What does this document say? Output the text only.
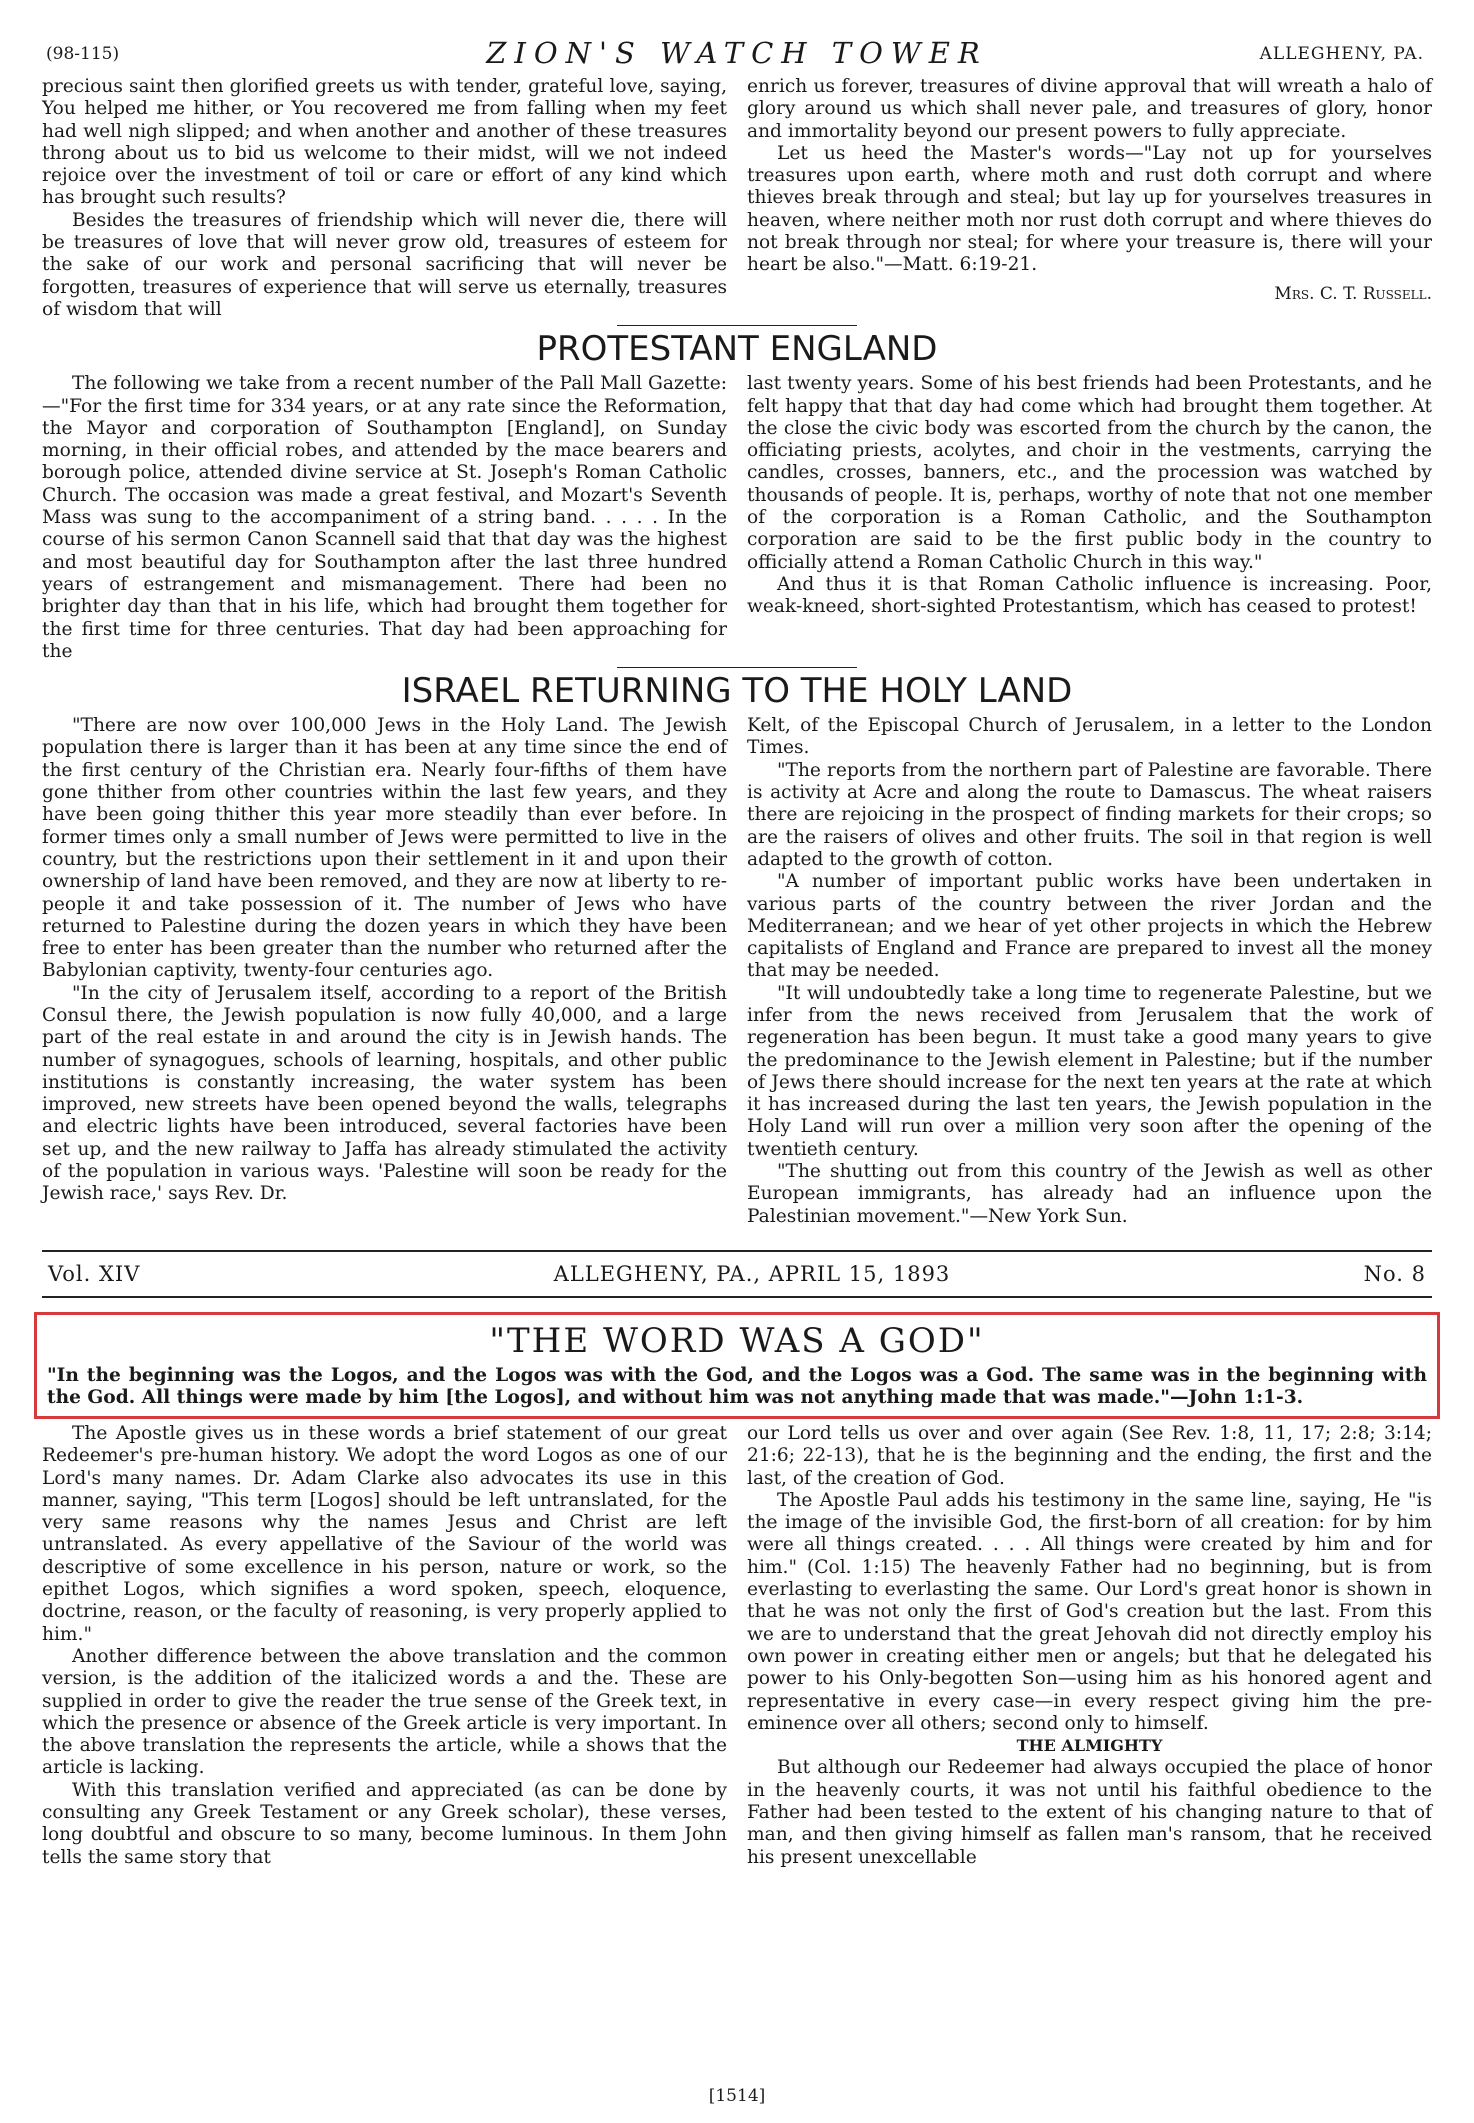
(98-115)	ZION'S WATCH TOWER	ALLEGHENY, PA.

precious saint then glorified greets us with tender, grateful love, saying, You helped me hither, or You recovered me from falling when my feet had well nigh slipped; and when another and another of these treasures throng about us to bid us welcome to their midst, will we not indeed rejoice over the investment of toil or care or effort of any kind which has brought such results?

Besides the treasures of friendship which will never die, there will be treasures of love that will never grow old, treasures of esteem for the sake of our work and personal sacrificing that will never be forgotten, treasures of experience that will serve us eternally, treasures of wisdom that will

enrich us forever, treasures of divine approval that will wreath a halo of glory around us which shall never pale, and treasures of glory, honor and immortality beyond our present powers to fully appreciate.

Let us heed the Master's words—"Lay not up for yourselves treasures upon earth, where moth and rust doth corrupt and where thieves break through and steal; but lay up for yourselves treasures in heaven, where neither moth nor rust doth corrupt and where thieves do not break through nor steal; for where your treasure is, there will your heart be also."—Matt. 6:19-21.

Mrs. C. T. Russell.

PROTESTANT ENGLAND

The following we take from a recent number of the Pall Mall Gazette:—"For the first time for 334 years, or at any rate since the Reformation, the Mayor and corporation of Southampton [England], on Sunday morning, in their official robes, and attended by the mace bearers and borough police, attended divine service at St. Joseph's Roman Catholic Church. The occasion was made a great festival, and Mozart's Seventh Mass was sung to the accompaniment of a string band. . . . . In the course of his sermon Canon Scannell said that that day was the highest and most beautiful day for Southampton after the last three hundred years of estrangement and mismanagement. There had been no brighter day than that in his life, which had brought them together for the first time for three centuries. That day had been approaching for the

last twenty years. Some of his best friends had been Protestants, and he felt happy that that day had come which had brought them together. At the close the civic body was escorted from the church by the canon, the officiating priests, acolytes, and choir in the vestments, carrying the candles, crosses, banners, etc., and the procession was watched by thousands of people. It is, perhaps, worthy of note that not one member of the corporation is a Roman Catholic, and the Southampton corporation are said to be the first public body in the country to officially attend a Roman Catholic Church in this way."

And thus it is that Roman Catholic influence is increasing. Poor, weak-kneed, short-sighted Protestantism, which has ceased to protest!

ISRAEL RETURNING TO THE HOLY LAND

"There are now over 100,000 Jews in the Holy Land. The Jewish population there is larger than it has been at any time since the end of the first century of the Christian era. Nearly four-fifths of them have gone thither from other countries within the last few years, and they have been going thither this year more steadily than ever before. In former times only a small number of Jews were permitted to live in the country, but the restrictions upon their settlement in it and upon their ownership of land have been removed, and they are now at liberty to re-people it and take possession of it. The number of Jews who have returned to Palestine during the dozen years in which they have been free to enter has been greater than the number who returned after the Babylonian captivity, twenty-four centuries ago.

"In the city of Jerusalem itself, according to a report of the British Consul there, the Jewish population is now fully 40,000, and a large part of the real estate in and around the city is in Jewish hands. The number of synagogues, schools of learning, hospitals, and other public institutions is constantly increasing, the water system has been improved, new streets have been opened beyond the walls, telegraphs and electric lights have been introduced, several factories have been set up, and the new railway to Jaffa has already stimulated the activity of the population in various ways. 'Palestine will soon be ready for the Jewish race,' says Rev. Dr.

Kelt, of the Episcopal Church of Jerusalem, in a letter to the London Times.

"The reports from the northern part of Palestine are favorable. There is activity at Acre and along the route to Damascus. The wheat raisers there are rejoicing in the prospect of finding markets for their crops; so are the raisers of olives and other fruits. The soil in that region is well adapted to the growth of cotton.

"A number of important public works have been undertaken in various parts of the country between the river Jordan and the Mediterranean; and we hear of yet other projects in which the Hebrew capitalists of England and France are prepared to invest all the money that may be needed.

"It will undoubtedly take a long time to regenerate Palestine, but we infer from the news received from Jerusalem that the work of regeneration has been begun. It must take a good many years to give the predominance to the Jewish element in Palestine; but if the number of Jews there should increase for the next ten years at the rate at which it has increased during the last ten years, the Jewish population in the Holy Land will run over a million very soon after the opening of the twentieth century.

"The shutting out from this country of the Jewish as well as other European immigrants, has already had an influence upon the Palestinian movement."—New York Sun.

Vol. XIV	ALLEGHENY, PA., APRIL 15, 1893	No. 8
"THE WORD WAS A GOD"
"In the beginning was the Logos, and the Logos was with the God, and the Logos was a God. The same was in the beginning with the God. All things were made by him [the Logos], and without him was not anything made that was made."—John 1:1-3.

The Apostle gives us in these words a brief statement of our great Redeemer's pre-human history. We adopt the word Logos as one of our Lord's many names. Dr. Adam Clarke also advocates its use in this manner, saying, "This term [Logos] should be left untranslated, for the very same reasons why the names Jesus and Christ are left untranslated. As every appellative of the Saviour of the world was descriptive of some excellence in his person, nature or work, so the epithet Logos, which signifies a word spoken, speech, eloquence, doctrine, reason, or the faculty of reasoning, is very properly applied to him."

Another difference between the above translation and the common version, is the addition of the italicized words a and the. These are supplied in order to give the reader the true sense of the Greek text, in which the presence or absence of the Greek article is very important. In the above translation the represents the article, while a shows that the article is lacking.

With this translation verified and appreciated (as can be done by consulting any Greek Testament or any Greek scholar), these verses, long doubtful and obscure to so many, become luminous. In them John tells the same story that

our Lord tells us over and over again (See Rev. 1:8, 11, 17; 2:8; 3:14; 21:6; 22-13), that he is the beginning and the ending, the first and the last, of the creation of God.

The Apostle Paul adds his testimony in the same line, saying, He "is the image of the invisible God, the first-born of all creation: for by him were all things created. . . . All things were created by him and for him." (Col. 1:15) The heavenly Father had no beginning, but is from everlasting to everlasting the same. Our Lord's great honor is shown in that he was not only the first of God's creation but the last. From this we are to understand that the great Jehovah did not directly employ his own power in creating either men or angels; but that he delegated his power to his Only-begotten Son—using him as his honored agent and representative in every case—in every respect giving him the pre-eminence over all others; second only to himself.

THE ALMIGHTY

But although our Redeemer had always occupied the place of honor in the heavenly courts, it was not until his faithful obedience to the Father had been tested to the extent of his changing nature to that of man, and then giving himself as fallen man's ransom, that he received his present unexcellable

[1514]
